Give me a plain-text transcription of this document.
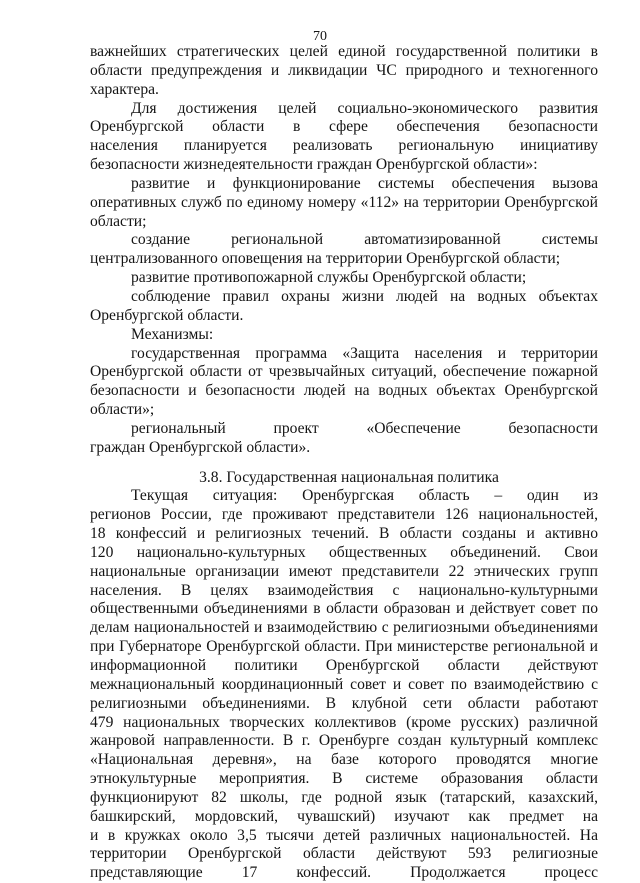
70
важнейших стратегических целей единой государственной политики в
области предупреждения и ликвидации ЧС природного и техногенного
характера.
Для достижения целей социально-экономического развития
Оренбургской области в сфере обеспечения безопасности
населения планируется реализовать региональную инициативу
безопасности жизнедеятельности граждан Оренбургской области»:
развитие и функционирование системы обеспечения вызова
оперативных служб по единому номеру «112» на территории Оренбургской
области;
создание региональной автоматизированной системы
централизованного оповещения на территории Оренбургской области;
развитие противопожарной службы Оренбургской области;
соблюдение правил охраны жизни людей на водных объектах
Оренбургской области.
Механизмы:
государственная программа «Защита населения и территории
Оренбургской области от чрезвычайных ситуаций, обеспечение пожарной
безопасности и безопасности людей на водных объектах Оренбургской
области»;
региональный проект «Обеспечение безопасности
граждан Оренбургской области».
3.8. Государственная национальная политика
Текущая ситуация: Оренбургская область – один из
регионов России, где проживают представители 126 национальностей,
18 конфессий и религиозных течений. В области созданы и активно
120 национально-культурных общественных объединений. Свои
национальные организации имеют представители 22 этнических групп
населения. В целях взаимодействия с национально-культурными
общественными объединениями в области образован и действует совет по
делам национальностей и взаимодействию с религиозными объединениями
при Губернаторе Оренбургской области. При министерстве региональной и
информационной политики Оренбургской области действуют
межнациональный координационный совет и совет по взаимодействию с
религиозными объединениями. В клубной сети области работают
479 национальных творческих коллективов (кроме русских) различной
жанровой направленности. В г. Оренбурге создан культурный комплекс
«Национальная деревня», на базе которого проводятся многие
этнокультурные мероприятия. В системе образования области
функционируют 82 школы, где родной язык (татарский, казахский,
башкирский, мордовский, чувашский) изучают как предмет на
и в кружках около 3,5 тысячи детей различных национальностей. На
территории Оренбургской области действуют 593 религиозные
представляющие 17 конфессий. Продолжается процесс
